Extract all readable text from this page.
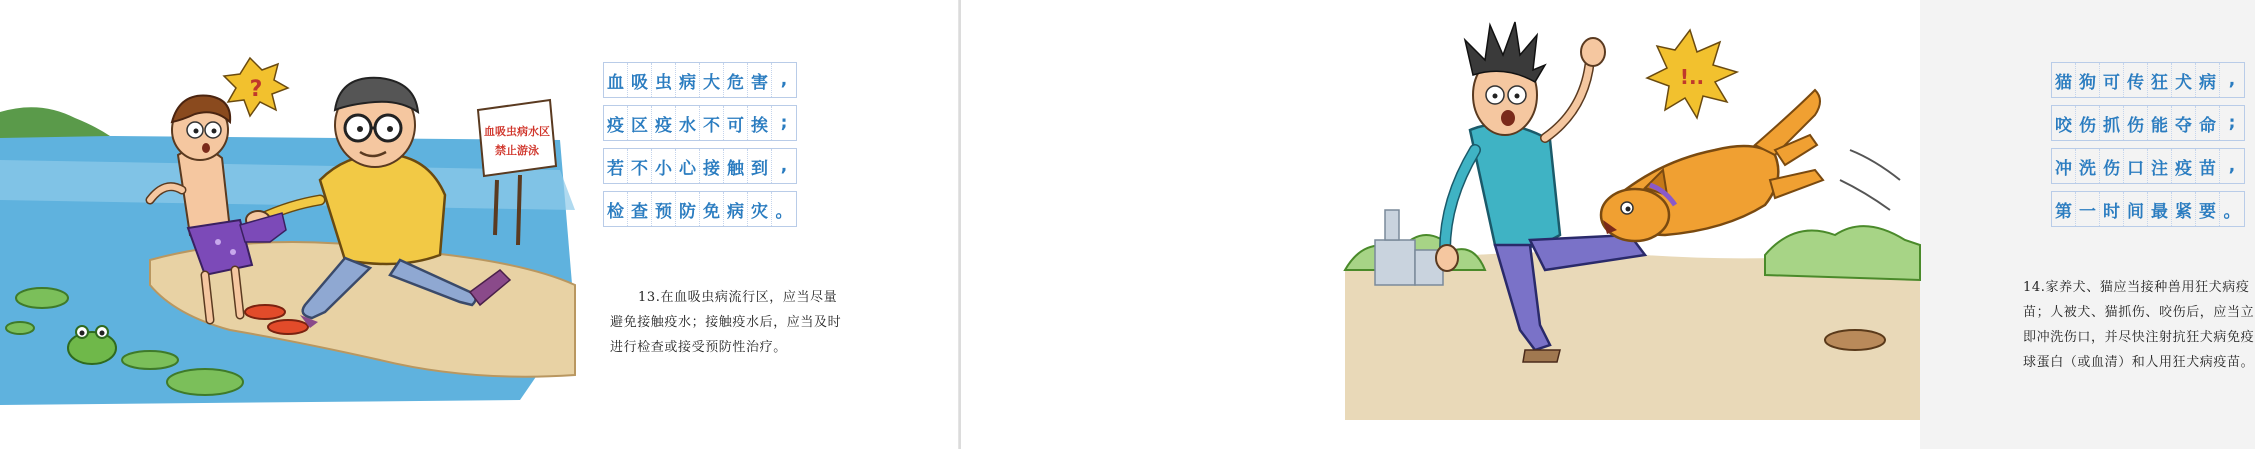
?
血吸虫病水区
禁止游泳
血 吸 虫 病 大 危 害 ,
疫 区 疫 水 不 可 挨 ;
若 不 小 心 接 触 到 ,
检 查 预 防 免 病 灾 。
13.在血吸虫病流行区，应当尽量避免接触疫水；接触疫水后，应当及时进行检查或接受预防性治疗。
猫 狗 可 传 狂 犬 病 ,
咬 伤 抓 伤 能 夺 命 ;
冲 洗 伤 口 注 疫 苗 ,
第 一 时 间 最 紧 要 。
14.家养犬、猫应当接种兽用狂犬病疫苗；人被犬、猫抓伤、咬伤后，应当立即冲洗伤口，并尽快注射抗狂犬病免疫球蛋白（或血清）和人用狂犬病疫苗。
!..
